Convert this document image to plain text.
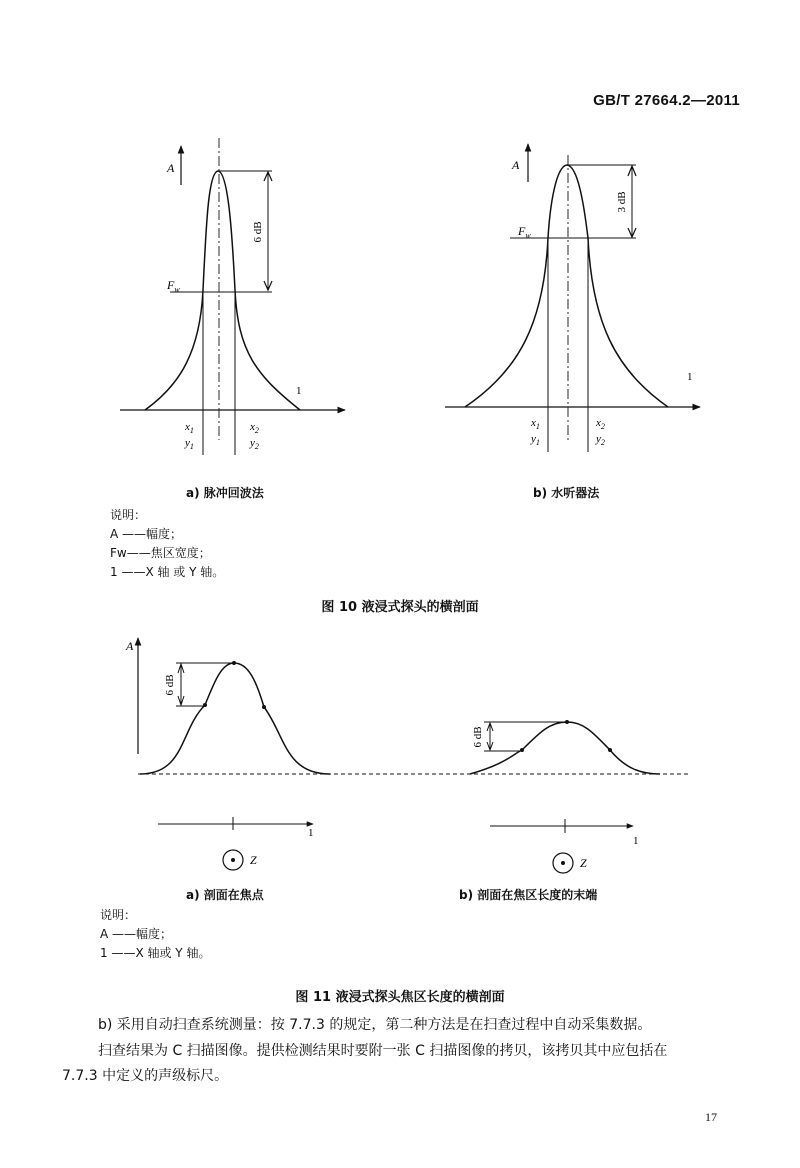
GB/T 27664.2—2011
A
$F_w$
6 dB
1
$x_1$	$x_2$
$y_1$	$y_2$
A
$F_w$
3 dB
1
$x_1$	$x_2$
$y_1$	$y_2$
a) 脉冲回波法	b) 水听器法
说明：
A ——幅度；
Fw——焦区宽度；
1 ——X 轴 或 Y 轴。
图 10 液浸式探头的横剖面
A
6 dB
6 dB
1
1
Z	Z
a) 剖面在焦点	b) 剖面在焦区长度的末端
说明：
A ——幅度；
1 ——X 轴或 Y 轴。
图 11 液浸式探头焦区长度的横剖面
b) 采用自动扫查系统测量：按 7.7.3 的规定，第二种方法是在扫查过程中自动采集数据。
扫查结果为 C 扫描图像。提供检测结果时要附一张 C 扫描图像的拷贝，该拷贝其中应包括在
7.7.3 中定义的声级标尺。
17
